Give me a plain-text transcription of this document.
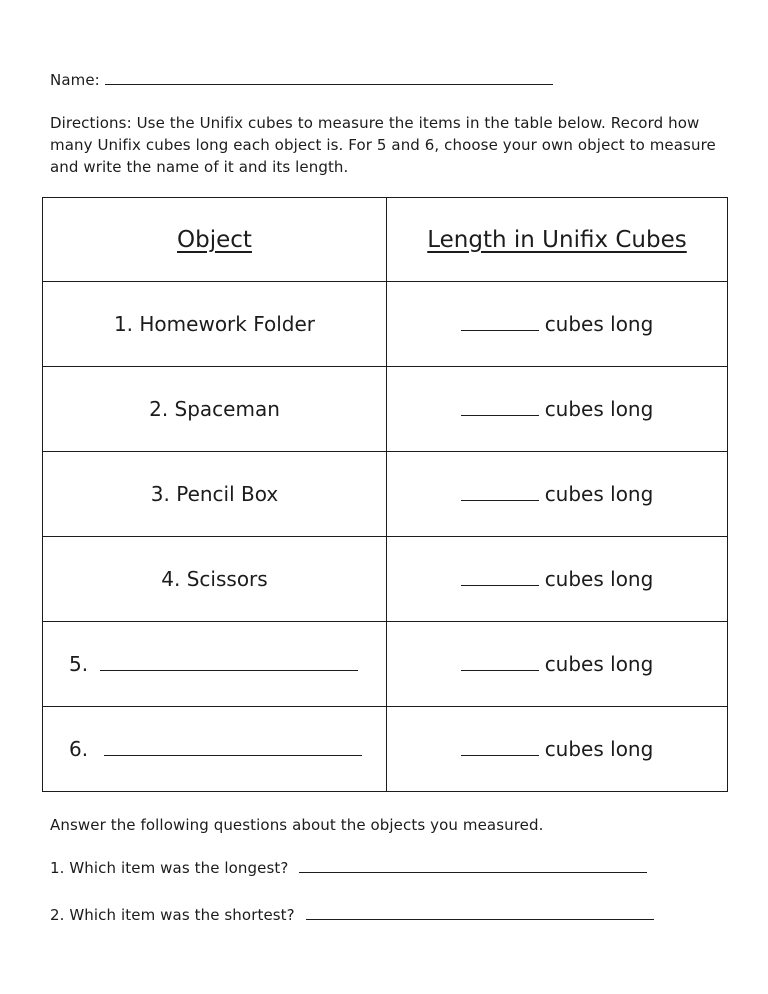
Name:
Directions: Use the Unifix cubes to measure the items in the table below. Record how many Unifix cubes long each object is. For 5 and 6, choose your own object to measure and write the name of it and its length.
Object	Length in Unifix Cubes
1. Homework Folder	cubes long
2. Spaceman	cubes long
3. Pencil Box	cubes long
4. Scissors	cubes long
5.	cubes long
6.	cubes long
Answer the following questions about the objects you measured.
1. Which item was the longest?
2. Which item was the shortest?
